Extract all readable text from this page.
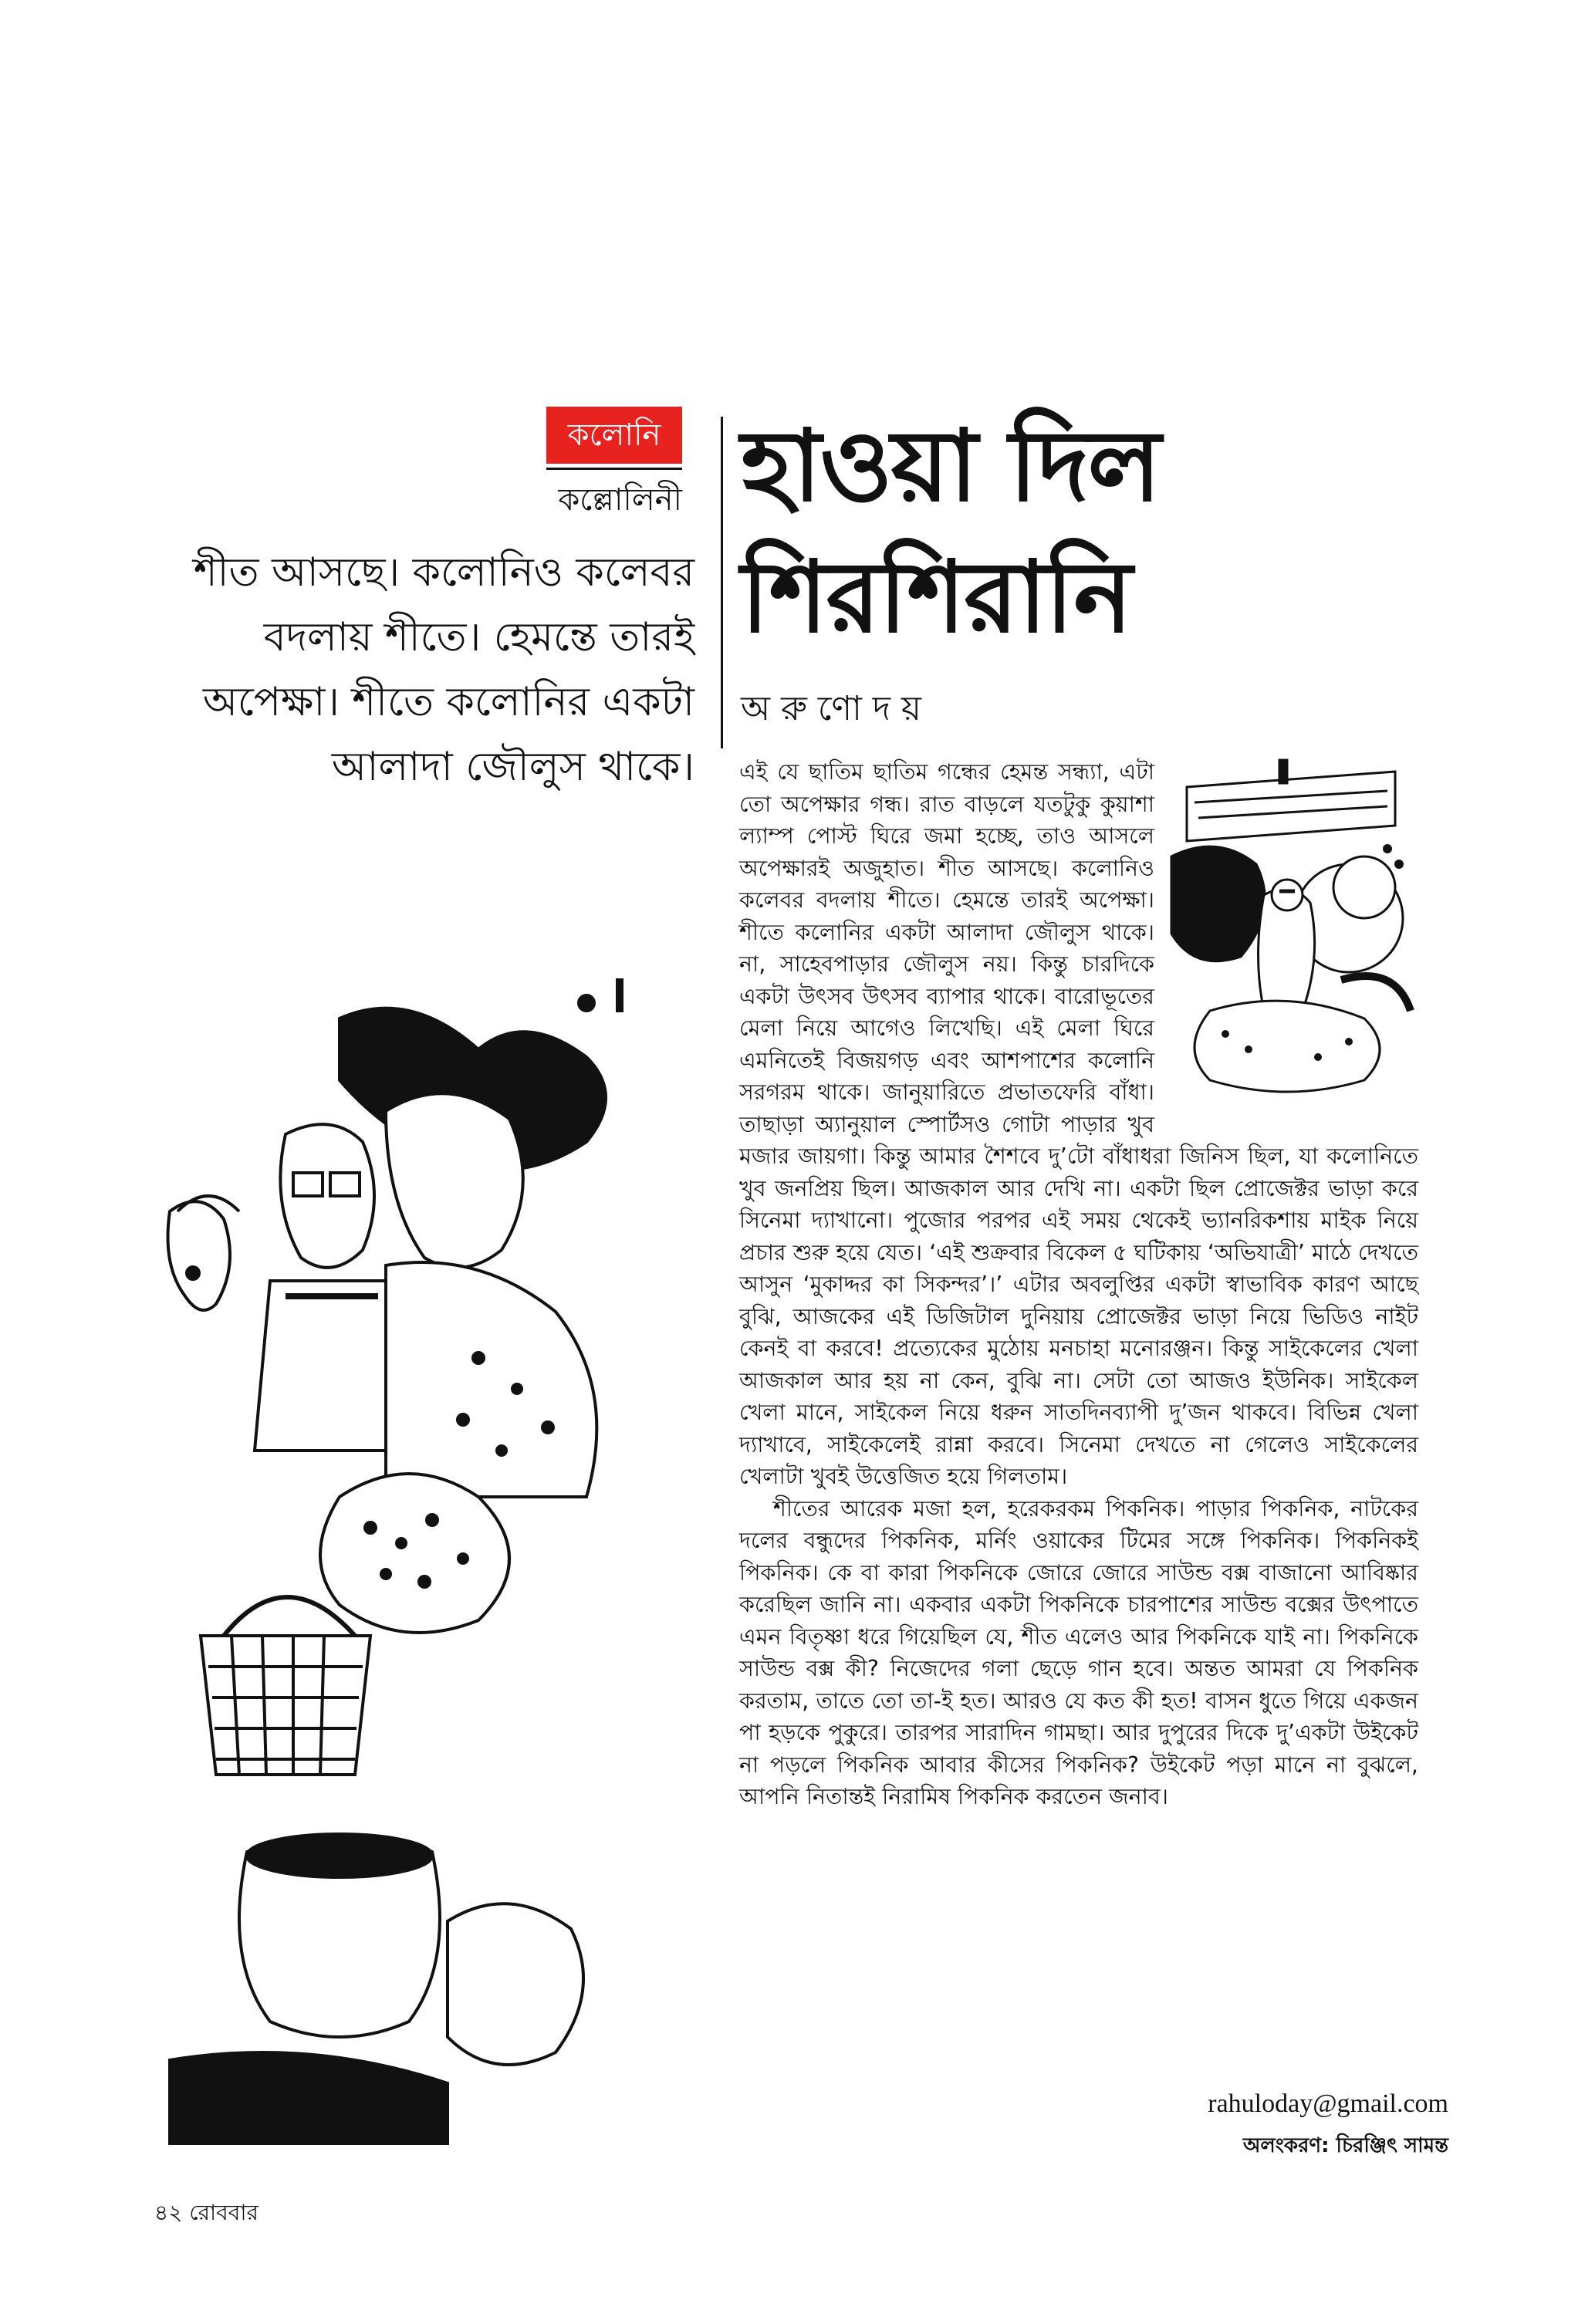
কলোনি
কল্লোলিনী
শীত আসছে। কলোনিও কলেবর
বদলায় শীতে। হেমন্তে তারই
অপেক্ষা। শীতে কলোনির একটা
আলাদা জৌলুস থাকে।
হাওয়া দিল
শিরশিরানি
অরুণোদয়

এই যে ছাতিম ছাতিম গন্ধের হেমন্ত সন্ধ্যা, এটা তো অপেক্ষার গন্ধ। রাত বাড়লে যতটুকু কুয়াশা ল্যাম্প পোস্ট ঘিরে জমা হচ্ছে, তাও আসলে অপেক্ষারই অজুহাত। শীত আসছে। কলোনিও কলেবর বদলায় শীতে। হেমন্তে তারই অপেক্ষা। শীতে কলোনির একটা আলাদা জৌলুস থাকে। না, সাহেবপাড়ার জৌলুস নয়। কিন্তু চারদিকে একটা উৎসব উৎসব ব্যাপার থাকে। বারোভূতের মেলা নিয়ে আগেও লিখেছি। এই মেলা ঘিরে এমনিতেই বিজয়গড় এবং আশপাশের কলোনি সরগরম থাকে। জানুয়ারিতে প্রভাতফেরি বাঁধা। তাছাড়া অ্যানুয়াল স্পোর্টসও গোটা পাড়ার খুব মজার জায়গা। কিন্তু আমার শৈশবে দু’টো বাঁধাধরা জিনিস ছিল, যা কলোনিতে খুব জনপ্রিয় ছিল। আজকাল আর দেখি না। একটা ছিল প্রোজেক্টর ভাড়া করে সিনেমা দ্যাখানো। পুজোর পরপর এই সময় থেকেই ভ্যানরিকশায় মাইক নিয়ে প্রচার শুরু হয়ে যেত। ‘এই শুক্রবার বিকেল ৫ ঘটিকায় ‘অভিযাত্রী’ মাঠে দেখতে আসুন ‘মুকাদ্দর কা সিকন্দর’।’ এটার অবলুপ্তির একটা স্বাভাবিক কারণ আছে বুঝি, আজকের এই ডিজিটাল দুনিয়ায় প্রোজেক্টর ভাড়া নিয়ে ভিডিও নাইট কেনই বা করবে! প্রত্যেকের মুঠোয় মনচাহা মনোরঞ্জন। কিন্তু সাইকেলের খেলা আজকাল আর হয় না কেন, বুঝি না। সেটা তো আজও ইউনিক। সাইকেল খেলা মানে, সাইকেল নিয়ে ধরুন সাতদিনব্যাপী দু’জন থাকবে। বিভিন্ন খেলা দ্যাখাবে, সাইকেলেই রান্না করবে। সিনেমা দেখতে না গেলেও সাইকেলের খেলাটা খুবই উত্তেজিত হয়ে গিলতাম।

শীতের আরেক মজা হল, হরেকরকম পিকনিক। পাড়ার পিকনিক, নাটকের দলের বন্ধুদের পিকনিক, মর্নিং ওয়াকের টিমের সঙ্গে পিকনিক। পিকনিকই পিকনিক। কে বা কারা পিকনিকে জোরে জোরে সাউন্ড বক্স বাজানো আবিষ্কার করেছিল জানি না। একবার একটা পিকনিকে চারপাশের সাউন্ড বক্সের উৎপাতে এমন বিতৃষ্ণা ধরে গিয়েছিল যে, শীত এলেও আর পিকনিকে যাই না। পিকনিকে সাউন্ড বক্স কী? নিজেদের গলা ছেড়ে গান হবে। অন্তত আমরা যে পিকনিক করতাম, তাতে তো তা-ই হত। আরও যে কত কী হত! বাসন ধুতে গিয়ে একজন পা হড়কে পুকুরে। তারপর সারাদিন গামছা। আর দুপুরের দিকে দু’একটা উইকেট না পড়লে পিকনিক আবার কীসের পিকনিক? উইকেট পড়া মানে না বুঝলে, আপনি নিতান্তই নিরামিষ পিকনিক করতেন জনাব।

rahuloday@gmail.com
অলংকরণ: চিরঞ্জিৎ সামন্ত
৪২ রোববার
